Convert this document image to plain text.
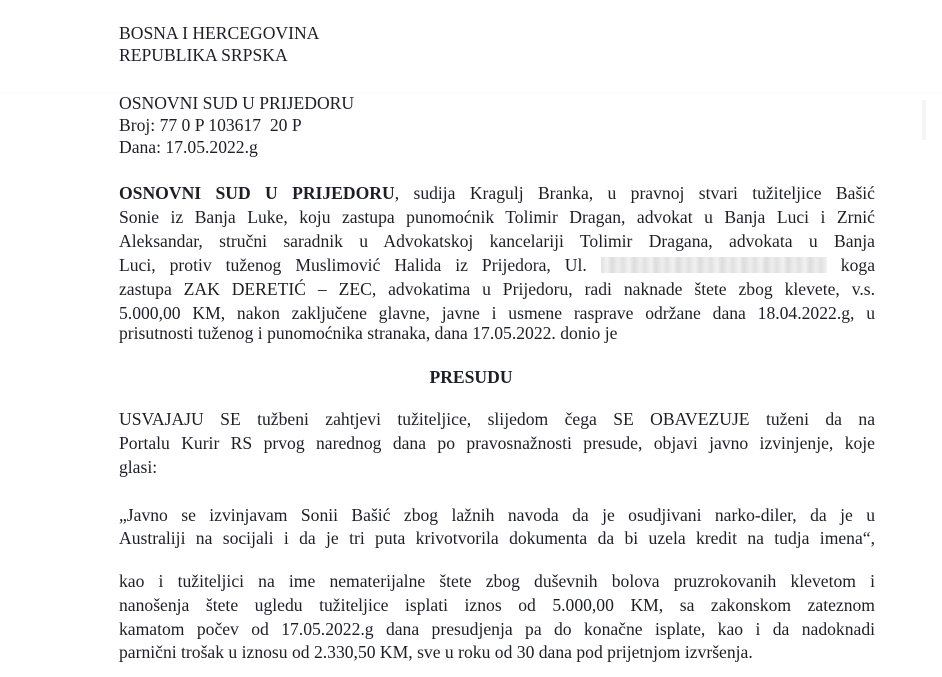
BOSNA I HERCEGOVINA
REPUBLIKA SRPSKA
OSNOVNI SUD U PRIJEDORU
Broj: 77 0 P 103617  20 P
Dana: 17.05.2022.g
OSNOVNI SUD U PRIJEDORU, sudija Kragulj Branka, u pravnoj stvari tužiteljice Bašić
Sonie iz Banja Luke, koju zastupa punomoćnik Tolimir Dragan, advokat u Banja Luci i Zrnić
Aleksandar, stručni saradnik u Advokatskoj kancelariji Tolimir Dragana, advokata u Banja
Luci, protiv tuženog Muslimović Halida iz Prijedora, Ul.	koga
zastupa ZAK DERETIĆ – ZEC, advokatima u Prijedoru, radi naknade štete zbog klevete, v.s.
5.000,00 KM, nakon zaključene glavne, javne i usmene rasprave održane dana 18.04.2022.g, u
prisutnosti tuženog i punomoćnika stranaka, dana 17.05.2022. donio je
PRESUDU
USVAJAJU SE tužbeni zahtjevi tužiteljice, slijedom čega SE OBAVEZUJE tuženi da na
Portalu Kurir RS prvog narednog dana po pravosnažnosti presude, objavi javno izvinjenje, koje
glasi:
„Javno se izvinjavam Sonii Bašić zbog lažnih navoda da je osudjivani narko-diler, da je u
Australiji na socijali i da je tri puta krivotvorila dokumenta da bi uzela kredit na tudja imena“,
kao i tužiteljici na ime nematerijalne štete zbog duševnih bolova pruzrokovanih klevetom i
nanošenja štete ugledu tužiteljice isplati iznos od 5.000,00 KM, sa zakonskom zateznom
kamatom počev od 17.05.2022.g dana presudjenja pa do konačne isplate, kao i da nadoknadi
parnični trošak u iznosu od 2.330,50 KM, sve u roku od 30 dana pod prijetnjom izvršenja.
